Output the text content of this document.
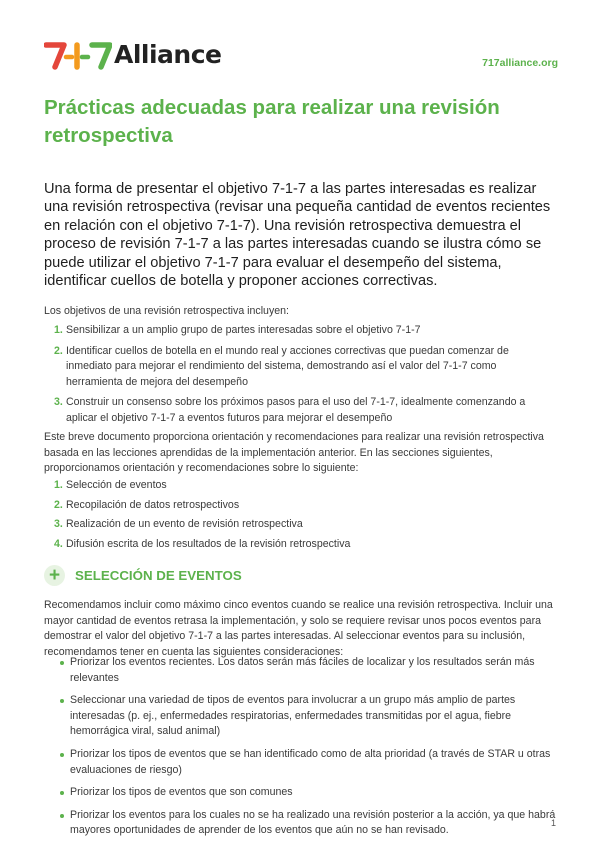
Alliance	717alliance.org
Prácticas adecuadas para realizar una revisión retrospectiva

Una forma de presentar el objetivo 7-1-7 a las partes interesadas es realizar una revisión retrospectiva (revisar una pequeña cantidad de eventos recientes en relación con el objetivo 7-1-7). Una revisión retrospectiva demuestra el proceso de revisión 7-1-7 a las partes interesadas cuando se ilustra cómo se puede utilizar el objetivo 7-1-7 para evaluar el desempeño del sistema, identificar cuellos de botella y proponer acciones correctivas.

Los objetivos de una revisión retrospectiva incluyen:

1. Sensibilizar a un amplio grupo de partes interesadas sobre el objetivo 7-1-7
2. Identificar cuellos de botella en el mundo real y acciones correctivas que puedan comenzar de inmediato para mejorar el rendimiento del sistema, demostrando así el valor del 7-1-7 como herramienta de mejora del desempeño
3. Construir un consenso sobre los próximos pasos para el uso del 7-1-7, idealmente comenzando a aplicar el objetivo 7-1-7 a eventos futuros para mejorar el desempeño

Este breve documento proporciona orientación y recomendaciones para realizar una revisión retrospectiva basada en las lecciones aprendidas de la implementación anterior. En las secciones siguientes, proporcionamos orientación y recomendaciones sobre lo siguiente:

1. Selección de eventos
2. Recopilación de datos retrospectivos
3. Realización de un evento de revisión retrospectiva
4. Difusión escrita de los resultados de la revisión retrospectiva
+	SELECCIÓN DE EVENTOS

Recomendamos incluir como máximo cinco eventos cuando se realice una revisión retrospectiva. Incluir una mayor cantidad de eventos retrasa la implementación, y solo se requiere revisar unos pocos eventos para demostrar el valor del objetivo 7-1-7 a las partes interesadas. Al seleccionar eventos para su inclusión, recomendamos tener en cuenta las siguientes consideraciones:

Priorizar los eventos recientes. Los datos serán más fáciles de localizar y los resultados serán más relevantes
Seleccionar una variedad de tipos de eventos para involucrar a un grupo más amplio de partes interesadas (p. ej., enfermedades respiratorias, enfermedades transmitidas por el agua, fiebre hemorrágica viral, salud animal)
Priorizar los tipos de eventos que se han identificado como de alta prioridad (a través de STAR u otras evaluaciones de riesgo)
Priorizar los tipos de eventos que son comunes
Priorizar los eventos para los cuales no se ha realizado una revisión posterior a la acción, ya que habrá mayores oportunidades de aprender de los eventos que aún no se han revisado.
1
